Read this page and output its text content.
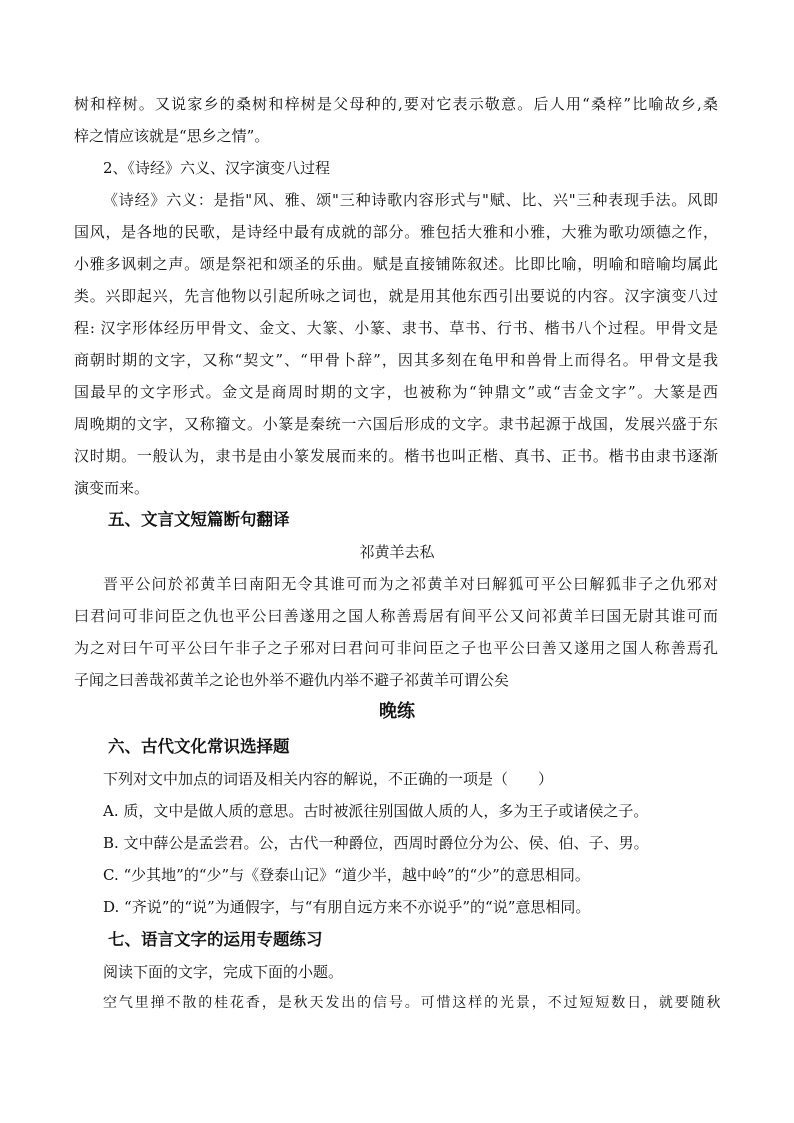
树和梓树。又说家乡的桑树和梓树是父母种的,要对它表示敬意。后人用“桑梓”比喻故乡,桑
梓之情应该就是“思乡之情”。
2、《诗经》六义、汉字演变八过程
《诗经》六义：是指"风、雅、颂"三种诗歌内容形式与"赋、比、兴"三种表现手法。风即
国风，是各地的民歌，是诗经中最有成就的部分。雅包括大雅和小雅，大雅为歌功颂德之作，
小雅多讽刺之声。颂是祭祀和颂圣的乐曲。赋是直接铺陈叙述。比即比喻，明喻和暗喻均属此
类。兴即起兴，先言他物以引起所咏之词也，就是用其他东西引出要说的内容。汉字演变八过
程: 汉字形体经历甲骨文、金文、大篆、小篆、隶书、草书、行书、楷书八个过程。甲骨文是
商朝时期的文字，又称“契文”、“甲骨卜辞”，因其多刻在龟甲和兽骨上而得名。甲骨文是我
国最早的文字形式。金文是商周时期的文字，也被称为“钟鼎文”或“吉金文字”。大篆是西
周晚期的文字，又称籀文。小篆是秦统一六国后形成的文字。隶书起源于战国，发展兴盛于东
汉时期。一般认为，隶书是由小篆发展而来的。楷书也叫正楷、真书、正书。楷书由隶书逐渐
演变而来。
五、文言文短篇断句翻译
祁黄羊去私
晋平公问於祁黄羊曰南阳无令其谁可而为之祁黄羊对曰解狐可平公曰解狐非子之仇邪对
曰君问可非问臣之仇也平公曰善遂用之国人称善焉居有间平公又问祁黄羊曰国无尉其谁可而
为之对曰午可平公曰午非子之子邪对曰君问可非问臣之子也平公曰善又遂用之国人称善焉孔
子闻之曰善哉祁黄羊之论也外举不避仇内举不避子祁黄羊可谓公矣
晚练
六、古代文化常识选择题
下列对文中加点的词语及相关内容的解说，不正确的一项是（　　）
A. 质，文中是做人质的意思。古时被派往别国做人质的人，多为王子或诸侯之子。
B. 文中薛公是孟尝君。公，古代一种爵位，西周时爵位分为公、侯、伯、子、男。
C. “少其地”的“少”与《登泰山记》“道少半，越中岭”的“少”的意思相同。
D. “齐说”的“说”为通假字，与“有朋自远方来不亦说乎”的“说”意思相同。
七、语言文字的运用专题练习
阅读下面的文字，完成下面的小题。
空气里掸不散的桂花香，是秋天发出的信号。可惜这样的光景，不过短短数日，就要随秋
